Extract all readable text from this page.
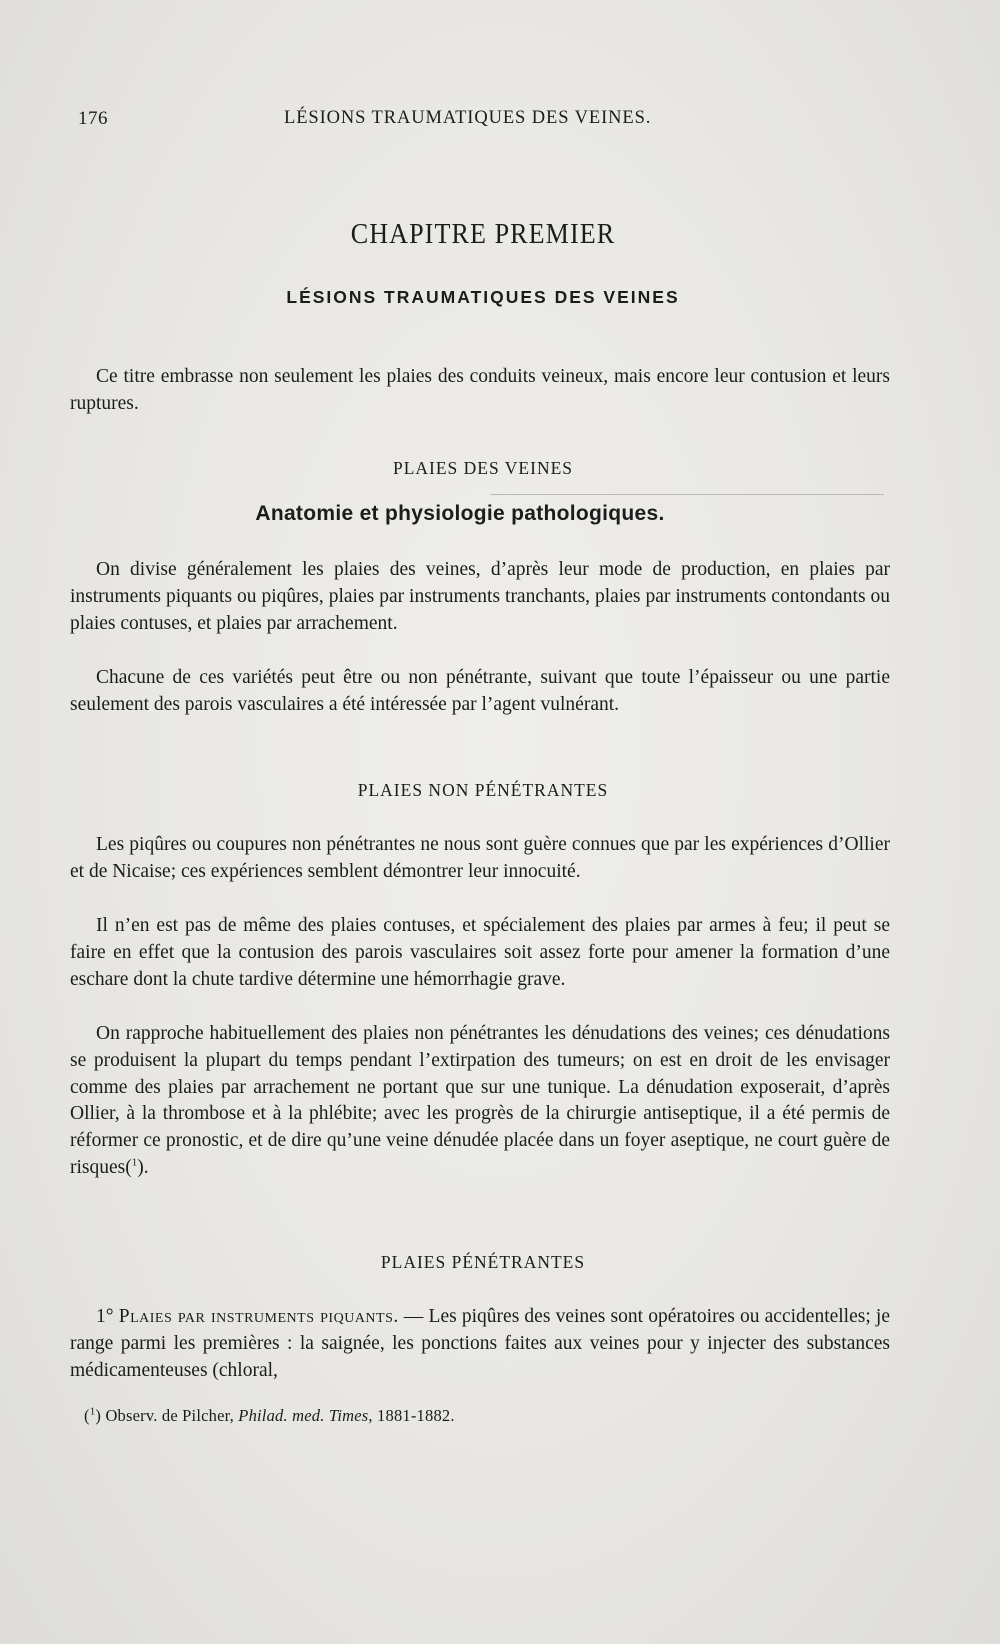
176	LÉSIONS TRAUMATIQUES DES VEINES.
CHAPITRE PREMIER
LÉSIONS TRAUMATIQUES DES VEINES

Ce titre embrasse non seulement les plaies des conduits veineux, mais encore leur contusion et leurs ruptures.

PLAIES DES VEINES
Anatomie et physiologie pathologiques.

On divise généralement les plaies des veines, d’après leur mode de production, en plaies par instruments piquants ou piqûres, plaies par instruments tranchants, plaies par instruments contondants ou plaies contuses, et plaies par arrachement.

Chacune de ces variétés peut être ou non pénétrante, suivant que toute l’épaisseur ou une partie seulement des parois vasculaires a été intéressée par l’agent vulnérant.

PLAIES NON PÉNÉTRANTES

Les piqûres ou coupures non pénétrantes ne nous sont guère connues que par les expériences d’Ollier et de Nicaise; ces expériences semblent démontrer leur innocuité.

Il n’en est pas de même des plaies contuses, et spécialement des plaies par armes à feu; il peut se faire en effet que la contusion des parois vasculaires soit assez forte pour amener la formation d’une eschare dont la chute tardive détermine une hémorrhagie grave.

On rapproche habituellement des plaies non pénétrantes les dénudations des veines; ces dénudations se produisent la plupart du temps pendant l’extirpation des tumeurs; on est en droit de les envisager comme des plaies par arrachement ne portant que sur une tunique. La dénudation exposerait, d’après Ollier, à la thrombose et à la phlébite; avec les progrès de la chirurgie antiseptique, il a été permis de réformer ce pronostic, et de dire qu’une veine dénudée placée dans un foyer aseptique, ne court guère de risques($^1$).

PLAIES PÉNÉTRANTES

1° Plaies par instruments piquants. — Les piqûres des veines sont opératoires ou accidentelles; je range parmi les premières : la saignée, les ponctions faites aux veines pour y injecter des substances médicamenteuses (chloral,

($^1$) Observ. de Pilcher, Philad. med. Times, 1881-1882.
